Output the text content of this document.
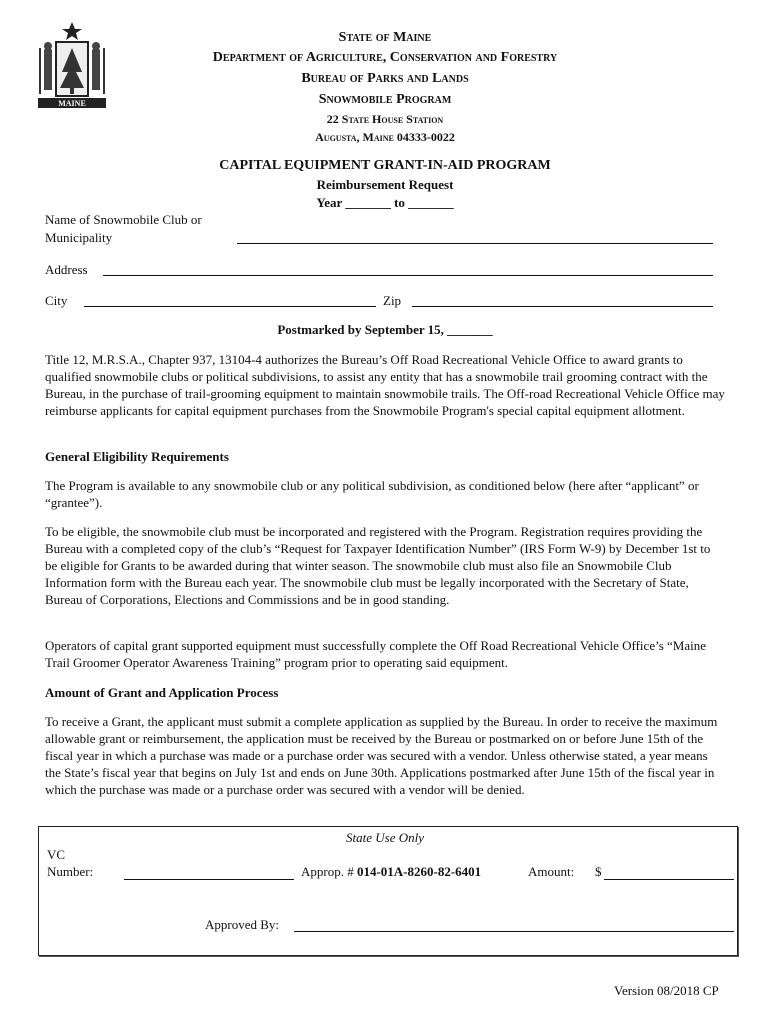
MAINE
State of Maine
Department of Agriculture, Conservation and Forestry
Bureau of Parks and Lands
Snowmobile Program
22 State House Station
Augusta, Maine 04333-0022
CAPITAL EQUIPMENT GRANT-IN-AID PROGRAM
Reimbursement Request
Year _______ to _______
Name of Snowmobile Club or
Municipality
Address
City	Zip
Postmarked by September 15, _______
Title 12, M.R.S.A., Chapter 937, 13104-4 authorizes the Bureau’s Off Road Recreational Vehicle Office to award grants to qualified snowmobile clubs or political subdivisions, to assist any entity that has a snowmobile trail grooming contract with the Bureau, in the purchase of trail-grooming equipment to maintain snowmobile trails. The Off-road Recreational Vehicle Office may reimburse applicants for capital equipment purchases from the Snowmobile Program's special capital equipment allotment.
General Eligibility Requirements
The Program is available to any snowmobile club or any political subdivision, as conditioned below (here after “applicant” or “grantee”).
To be eligible, the snowmobile club must be incorporated and registered with the Program. Registration requires providing the Bureau with a completed copy of the club’s “Request for Taxpayer Identification Number” (IRS Form W-9) by December 1st to be eligible for Grants to be awarded during that winter season. The snowmobile club must also file an Snowmobile Club Information form with the Bureau each year. The snowmobile club must be legally incorporated with the Secretary of State, Bureau of Corporations, Elections and Commissions and be in good standing.
Operators of capital grant supported equipment must successfully complete the Off Road Recreational Vehicle Office’s “Maine Trail Groomer Operator Awareness Training” program prior to operating said equipment.
Amount of Grant and Application Process
To receive a Grant, the applicant must submit a complete application as supplied by the Bureau. In order to receive the maximum allowable grant or reimbursement, the application must be received by the Bureau or postmarked on or before June 15th of the fiscal year in which a purchase was made or a purchase order was secured with a vendor. Unless otherwise stated, a year means the State’s fiscal year that begins on July 1st and ends on June 30th. Applications postmarked after June 15th of the fiscal year in which the purchase was made or a purchase order was secured with a vendor will be denied.
State Use Only
VC
Number:	Approp. # 014-01A-8260-82-6401	Amount: $
Approved By:
Version 08/2018 CP
